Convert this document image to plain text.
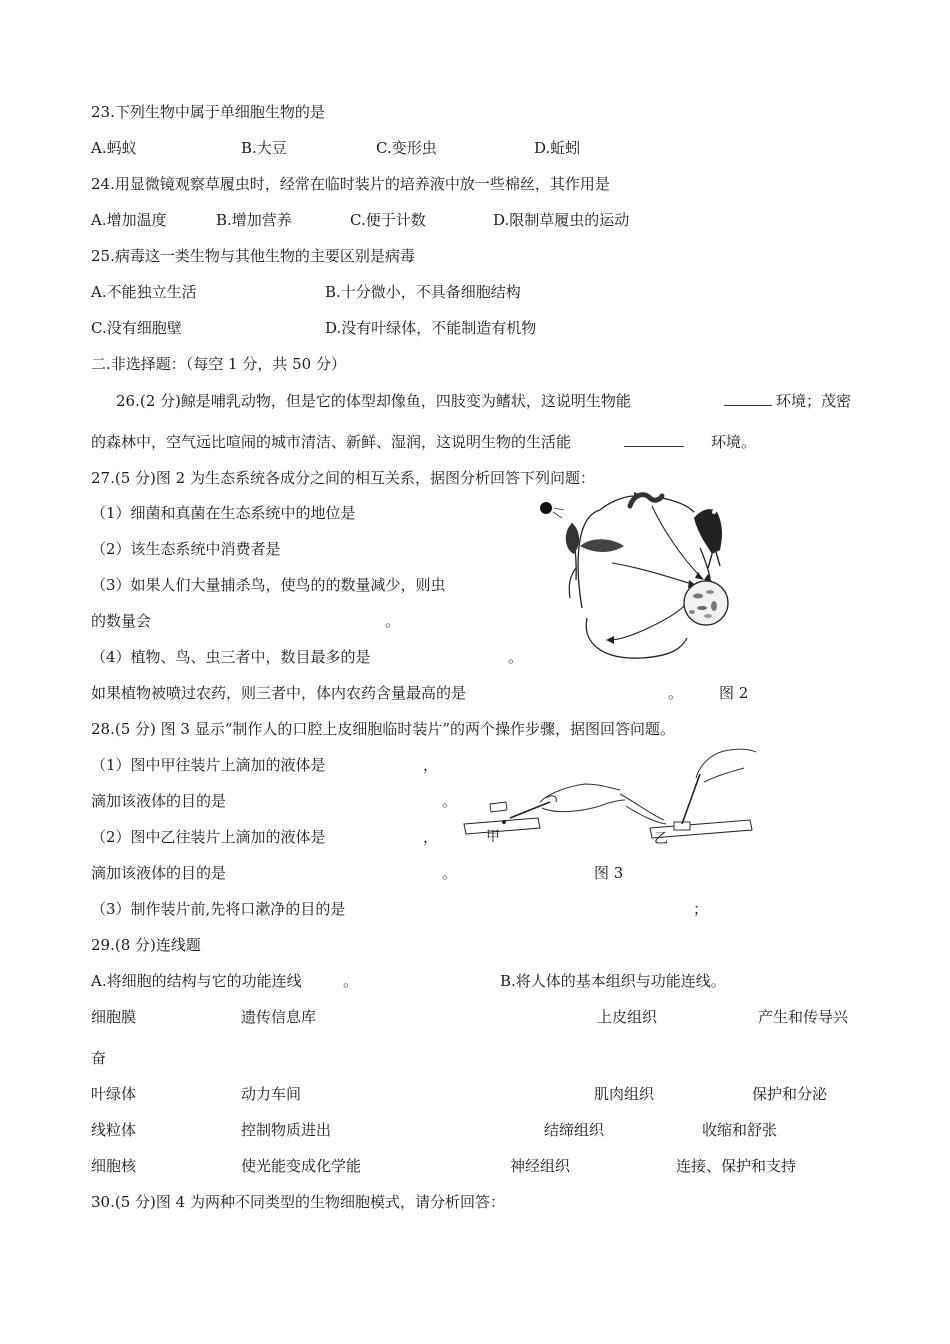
23.下列生物中属于单细胞生物的是
A.蚂蚁	B.大豆	C.变形虫	D.蚯蚓
24.用显微镜观察草履虫时，经常在临时装片的培养液中放一些棉丝，其作用是
A.增加温度	B.增加营养	C.便于计数	D.限制草履虫的运动
25.病毒这一类生物与其他生物的主要区别是病毒
A.不能独立生活	B.十分微小，不具备细胞结构
C.没有细胞壁	D.没有叶绿体，不能制造有机物
二.非选择题：（每空 1 分，共 50 分）
26.(2 分)鲸是哺乳动物，但是它的体型却像鱼，四肢变为鳍状，这说明生物能	环境；茂密
的森林中，空气远比喧闹的城市清洁、新鲜、湿润，这说明生物的生活能	环境。
27.(5 分)图 2 为生态系统各成分之间的相互关系，据图分析回答下列问题：
（1）细菌和真菌在生态系统中的地位是
（2）该生态系统中消费者是
（3）如果人们大量捕杀鸟，使鸟的的数量减少，则虫
的数量会	。
（4）植物、鸟、虫三者中，数目最多的是	。
如果植物被喷过农药，则三者中，体内农药含量最高的是	。 图 2
28.(5 分) 图 3 显示“制作人的口腔上皮细胞临时装片”的两个操作步骤，据图回答问题。
（1）图中甲往装片上滴加的液体是	，
滴加该液体的目的是	。
（2）图中乙往装片上滴加的液体是	，
滴加该液体的目的是	。	图 3
（3）制作装片前,先将口漱净的目的是	；
甲	乙
29.(8 分)连线题
A.将细胞的结构与它的功能连线	。	B.将人体的基本组织与功能连线。
细胞膜	遗传信息库	上皮组织	产生和传导兴
奋
叶绿体	动力车间	肌肉组织	保护和分泌
线粒体	控制物质进出	结缔组织	收缩和舒张
细胞核	使光能变成化学能	神经组织	连接、保护和支持
30.(5 分)图 4 为两种不同类型的生物细胞模式，请分析回答：
